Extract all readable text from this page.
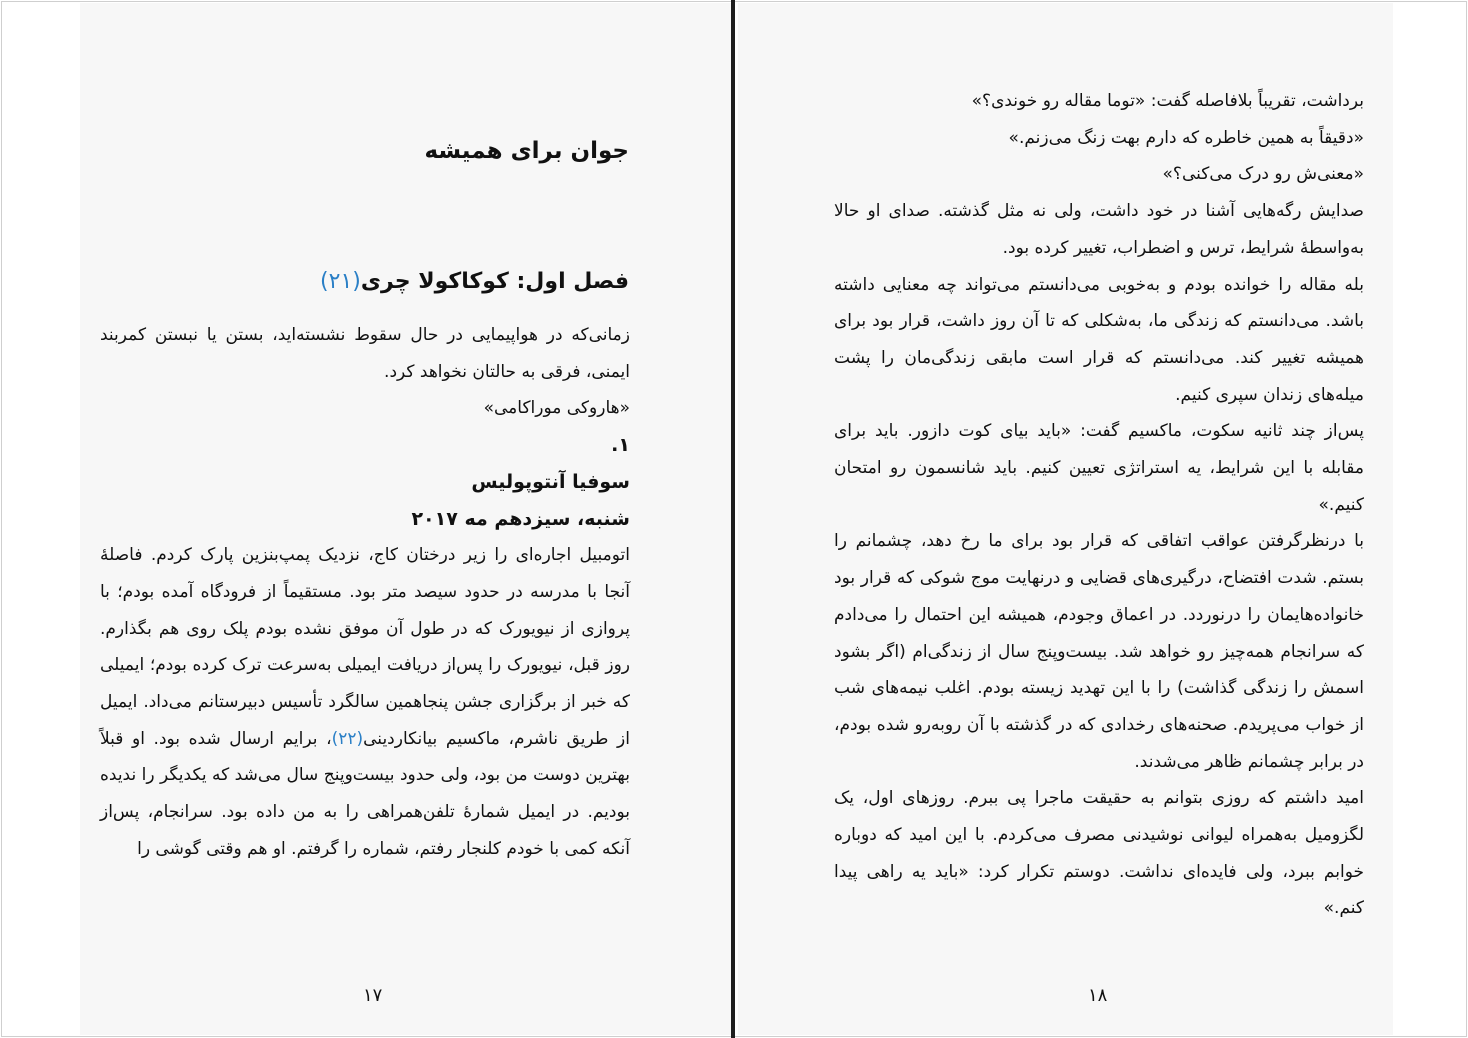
جوان برای همیشه
فصل اول: کوکاکولا چری(۲۱)

زمانی‌که در هواپیمایی در حال سقوط نشسته‌اید، بستن یا نبستن کمربند ایمنی، فرقی به حالتان نخواهد کرد.

«هاروکی موراکامی»

۱.

سوفیا آنتوپولیس

شنبه، سیزدهم مه ۲۰۱۷

اتومبیل اجاره‌ای را زیر درختان کاج، نزدیک پمپ‌بنزین پارک کردم. فاصلهٔ آنجا با مدرسه در حدود سیصد متر بود. مستقیماً از فرودگاه آمده بودم؛ با پروازی از نیویورک که در طول آن موفق نشده بودم پلک روی هم بگذارم. روز قبل، نیویورک را پس‌از دریافت ایمیلی به‌سرعت ترک کرده بودم؛ ایمیلی که خبر از برگزاری جشن پنجاهمین سالگرد تأسیس دبیرستانم می‌داد. ایمیل از طریق ناشرم، ماکسیم بیانکاردینی(۲۲)، برایم ارسال شده بود. او قبلاً بهترین دوست من بود، ولی حدود بیست‌وپنج سال می‌شد که یکدیگر را ندیده بودیم. در ایمیل شمارهٔ تلفن‌همراهی را به من داده بود. سرانجام، پس‌از آنکه کمی با خودم کلنجار رفتم، شماره را گرفتم. او هم وقتی گوشی را

۱۷

برداشت، تقریباً بلافاصله گفت: «توما مقاله رو خوندی؟»

«دقیقاً به همین خاطره که دارم بهت زنگ می‌زنم.»

«معنی‌ش رو درک می‌کنی؟»

صدایش رگه‌هایی آشنا در خود داشت، ولی نه مثل گذشته. صدای او حالا به‌واسطهٔ شرایط، ترس و اضطراب، تغییر کرده بود.

بله مقاله را خوانده بودم و به‌خوبی می‌دانستم می‌تواند چه معنایی داشته باشد. می‌دانستم که زندگی ما، به‌شکلی که تا آن روز داشت، قرار بود برای همیشه تغییر کند. می‌دانستم که قرار است مابقی زندگی‌مان را پشت میله‌های زندان سپری کنیم.

پس‌از چند ثانیه سکوت، ماکسیم گفت: «باید بیای کوت دازور. باید برای مقابله با این شرایط، یه استراتژی تعیین کنیم. باید شانسمون رو امتحان کنیم.»

با درنظرگرفتن عواقب اتفاقی که قرار بود برای ما رخ دهد، چشمانم را بستم. شدت افتضاح، درگیری‌های قضایی و درنهایت موج شوکی که قرار بود خانواده‌هایمان را درنوردد. در اعماق وجودم، همیشه این احتمال را می‌دادم که سرانجام همه‌چیز رو خواهد شد. بیست‌وپنج سال از زندگی‌ام (اگر بشود اسمش را زندگی گذاشت) را با این تهدید زیسته بودم. اغلب نیمه‌های شب از خواب می‌پریدم. صحنه‌های رخدادی که در گذشته با آن روبه‌رو شده بودم، در برابر چشمانم ظاهر می‌شدند.

امید داشتم که روزی بتوانم به حقیقت ماجرا پی ببرم. روزهای اول، یک لگزومیل به‌همراه لیوانی نوشیدنی مصرف می‌کردم. با این امید که دوباره خوابم ببرد، ولی فایده‌ای نداشت. دوستم تکرار کرد: «باید یه راهی پیدا کنم.»

۱۸
